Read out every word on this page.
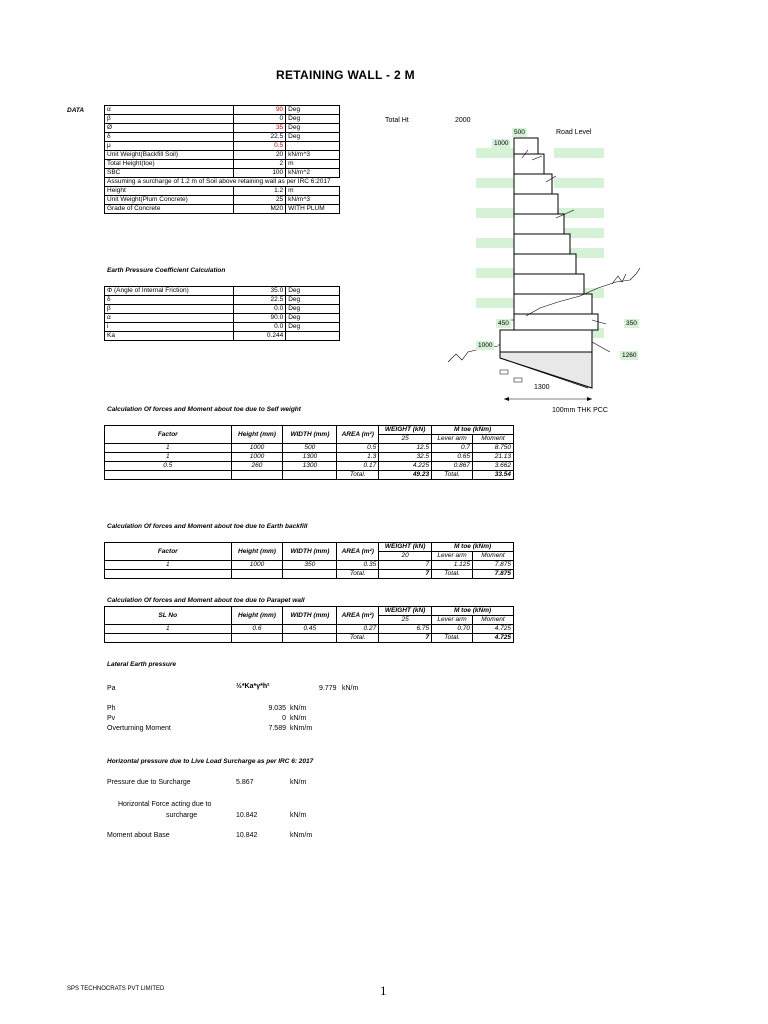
RETAINING WALL - 2 M
DATA	α	90	Deg
β	0	Deg
Ø	35	Deg
δ	22.5	Deg
μ	0.5	
Unit Weight(Backfill Soil)	20	kN/m^3
Total Height(toe)	2	m
SBC	100	kN/m^2
Assuming a surcharge of 1.2 m of Soil above retaining wall as per IRC 6:2017		
Height	1.2	m
Unit Weight(Plum Concrete)	25	kN/m^3
Grade of Concrete	M20	WITH PLUM
Total Ht	2000
Earth Pressure Coefficient Calculation
Φ (Angle of Internal Friction)	35.0	Deg
δ	22.5	Deg
β	0.0	Deg
α	90.0	Deg
i	0.0	Deg
Ka	0.244	
500	Road Level
1000
450	350
1000
1260
1300
100mm THK PCC
Calculation Of forces and Moment about toe due to Self weight
Factor	Height (mm)	WIDTH (mm)	AREA (m²)	WEIGHT (kN)	M toe (kNm)	
				25	Lever arm	Moment
1	1000	500	0.5	12.5	0.7	8.750
1	1000	1300	1.3	32.5	0.65	21.13
0.5	260	1300	0.17	4.225	0.867	3.662
			Total.	49.23	Total.	33.54
Calculation Of forces and Moment about toe due to Earth backfill
Factor	Height (mm)	WIDTH (mm)	AREA (m²)	WEIGHT (kN)	M toe (kNm)	
				20	Lever arm	Moment
1	1000	350	0.35	7	1.125	7.875
			Total.	7	Total.	7.875
Calculation Of forces and Moment about toe due to Parapet wall
SL No	Height (mm)	WIDTH (mm)	AREA (m²)	WEIGHT (kN)	M toe (kNm)	
				25	Lever arm	Moment
1	0.6	0.45	0.27	6.75	0.70	4.725
			Total.	7	Total.	4.725
Lateral Earth pressure
Pa	½*Ka*γ*h²	9.779 kN/m
Ph	9.035 kN/m
Pv	0 kN/m
Overturning Moment	7.589 kNm/m
Horizontal pressure due to Live Load Surcharge as per IRC 6: 2017
Pressure due to Surcharge	5.867	kN/m
Horizontal Force acting due to
surcharge	10.842	kN/m
Moment about Base	10.842	kNm/m
SPS TECHNOCRATS PVT LIMITED	1
